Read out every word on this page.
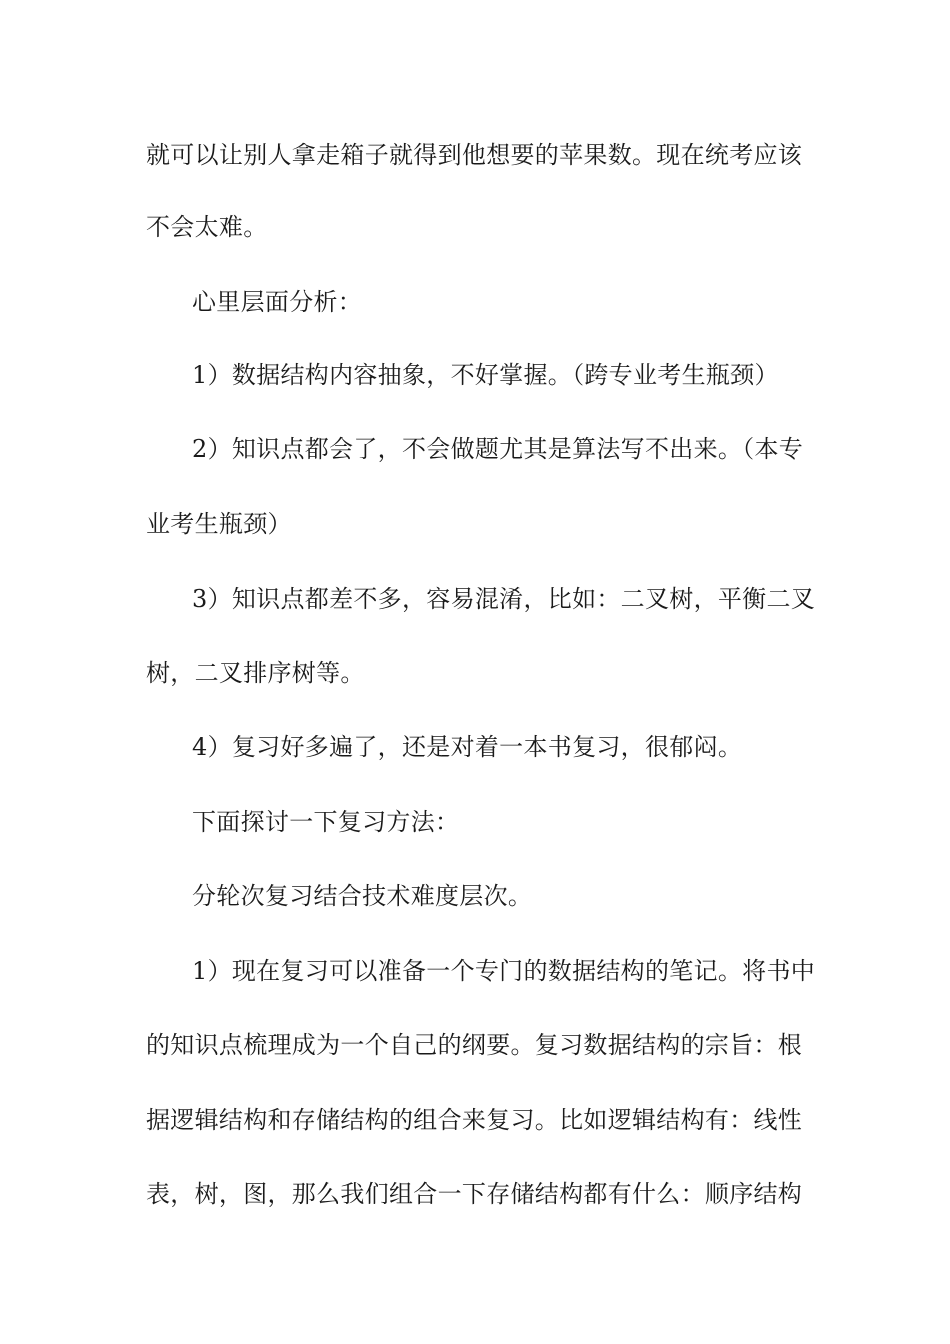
就可以让别人拿走箱子就得到他想要的苹果数。现在统考应该
不会太难。
心里层面分析：
1）数据结构内容抽象，不好掌握。（跨专业考生瓶颈）
2）知识点都会了，不会做题尤其是算法写不出来。（本专
业考生瓶颈）
3）知识点都差不多，容易混淆，比如：二叉树，平衡二叉
树，二叉排序树等。
4）复习好多遍了，还是对着一本书复习，很郁闷。
下面探讨一下复习方法：
分轮次复习结合技术难度层次。
1）现在复习可以准备一个专门的数据结构的笔记。将书中
的知识点梳理成为一个自己的纲要。复习数据结构的宗旨：根
据逻辑结构和存储结构的组合来复习。比如逻辑结构有：线性
表，树，图，那么我们组合一下存储结构都有什么：顺序结构
